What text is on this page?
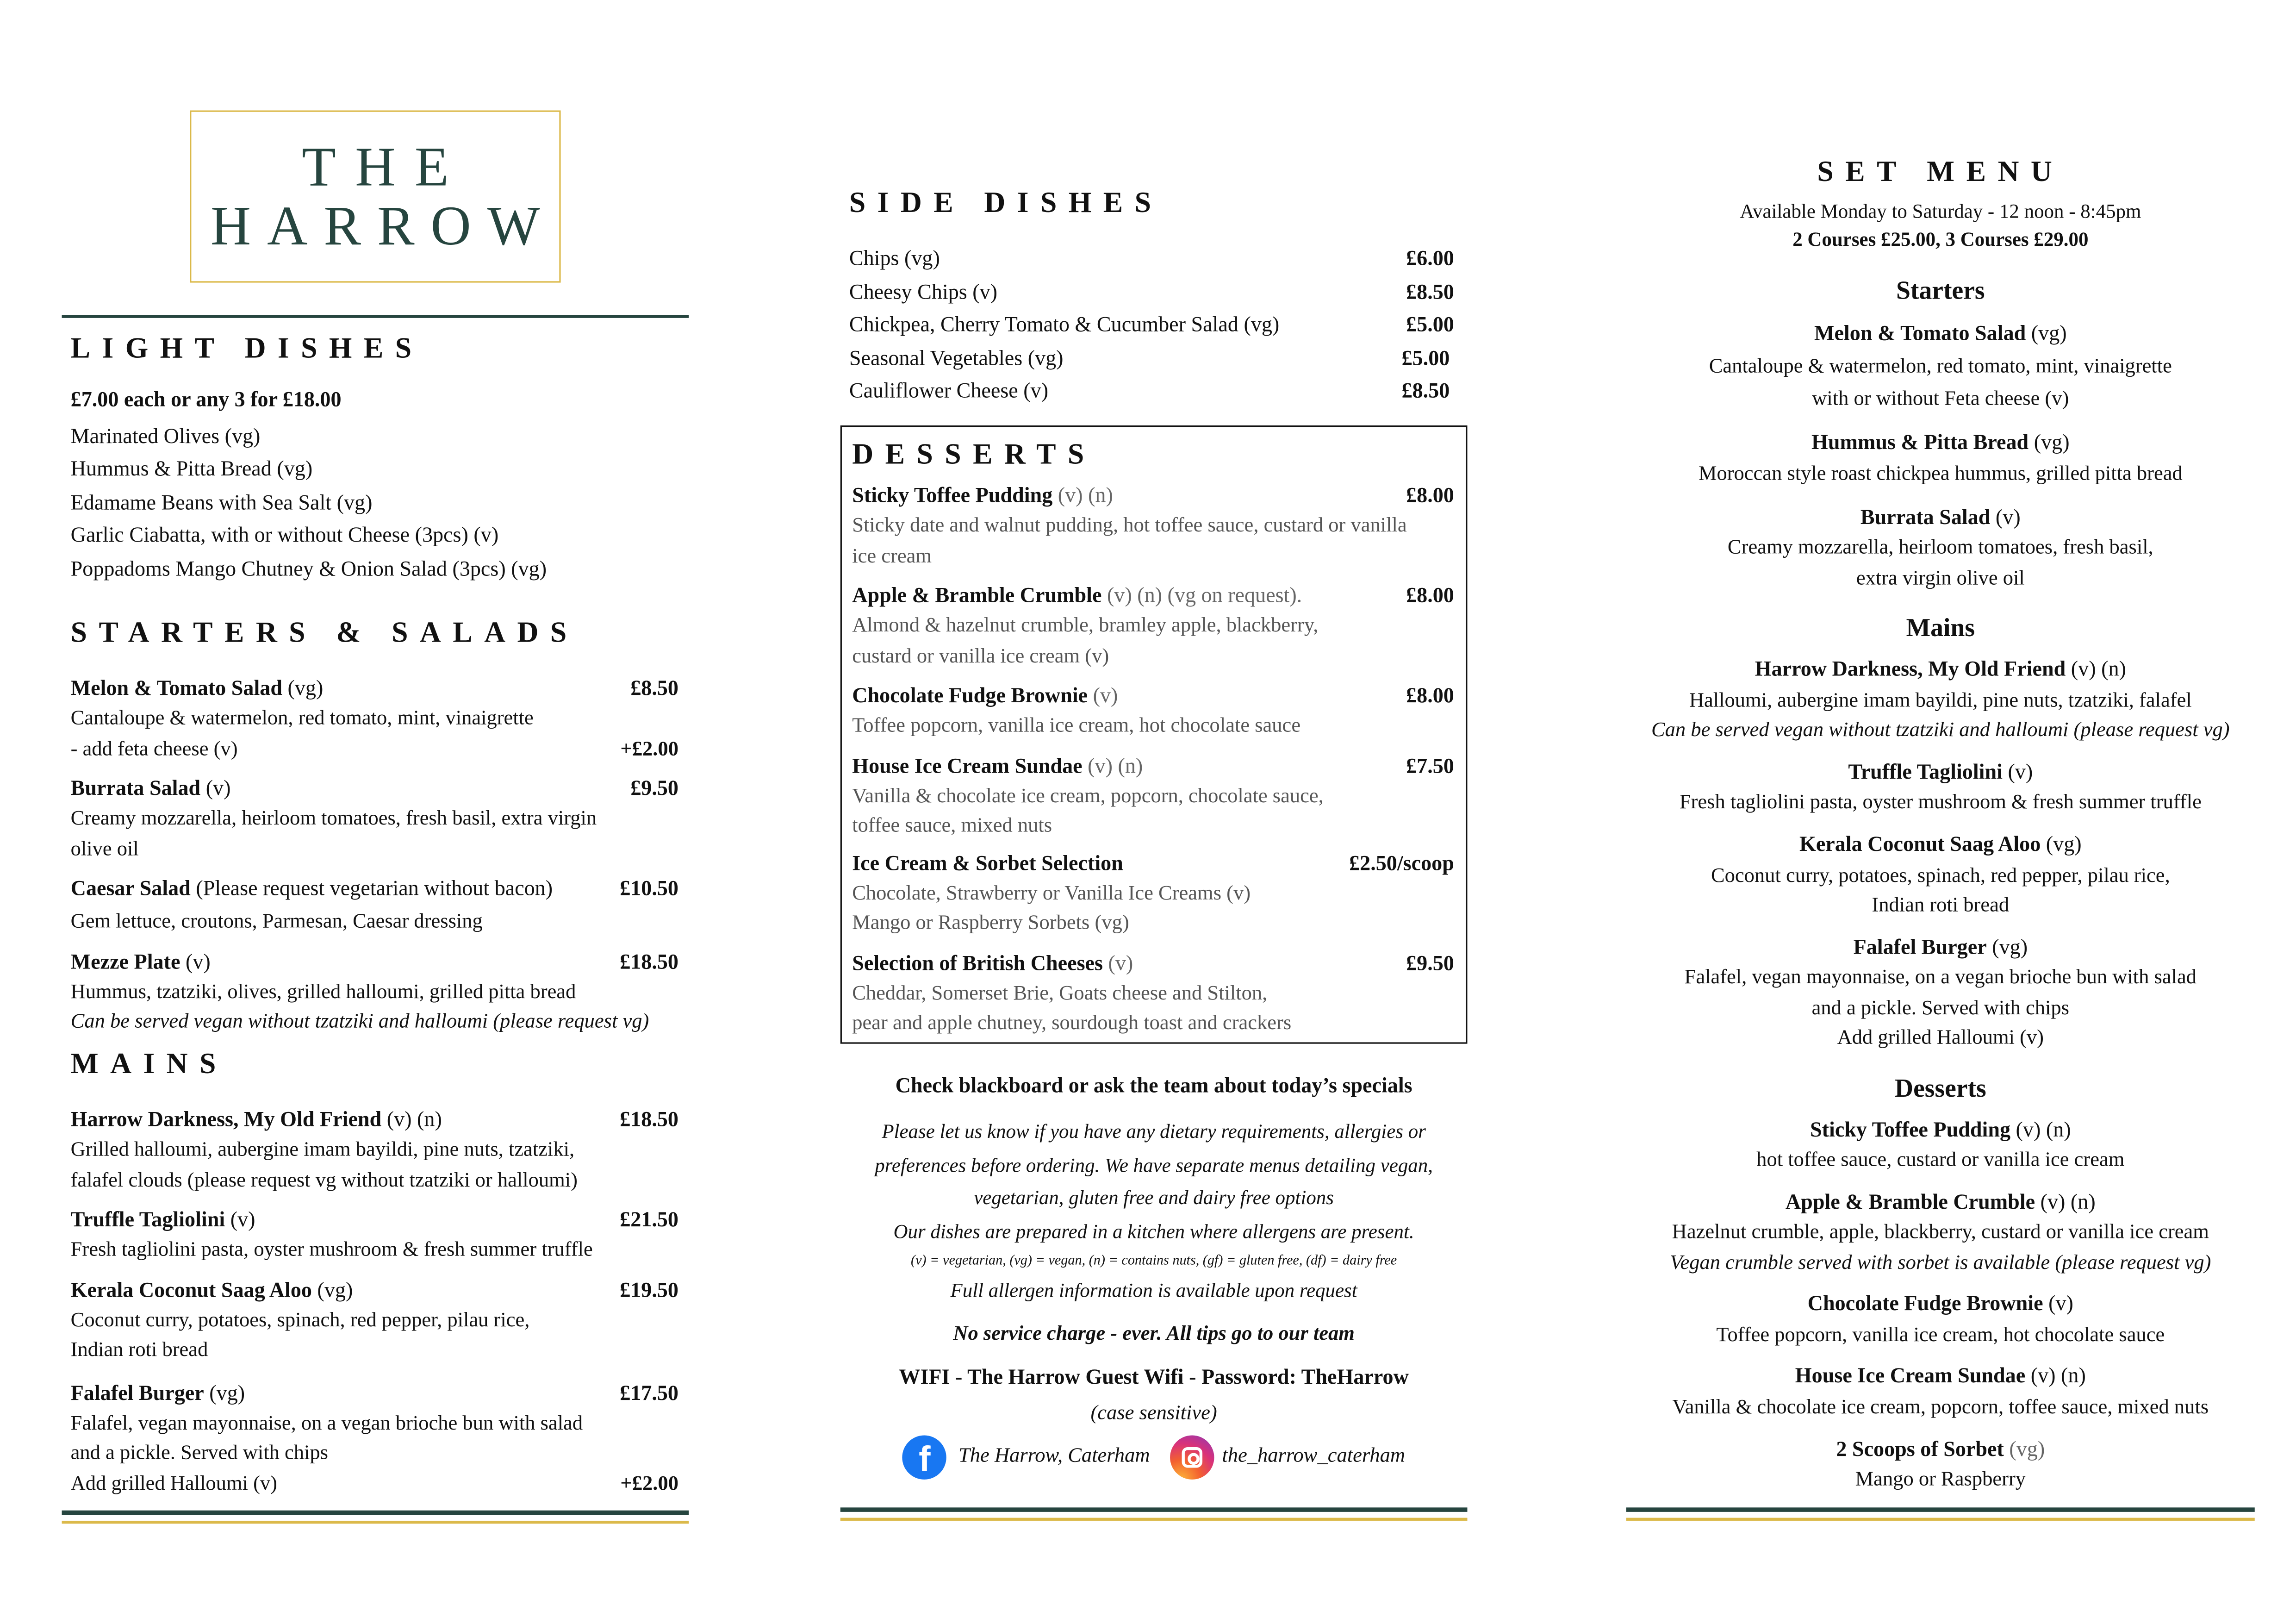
THE
HARROW
LIGHT DISHES
£7.00 each or any 3 for £18.00
Marinated Olives (vg)
Hummus & Pitta Bread (vg)
Edamame Beans with Sea Salt (vg)
Garlic Ciabatta, with or without Cheese (3pcs) (v)
Poppadoms Mango Chutney & Onion Salad (3pcs) (vg)
STARTERS & SALADS
Melon & Tomato Salad (vg)	£8.50
Cantaloupe & watermelon, red tomato, mint, vinaigrette
- add feta cheese (v)	+£2.00
Burrata Salad (v)	£9.50
Creamy mozzarella, heirloom tomatoes, fresh basil, extra virgin
olive oil
Caesar Salad (Please request vegetarian without bacon)	£10.50
Gem lettuce, croutons, Parmesan, Caesar dressing
Mezze Plate (v)	£18.50
Hummus, tzatziki, olives, grilled halloumi, grilled pitta bread
Can be served vegan without tzatziki and halloumi (please request vg)
MAINS
Harrow Darkness, My Old Friend (v) (n)	£18.50
Grilled halloumi, aubergine imam bayildi, pine nuts, tzatziki,
falafel clouds (please request vg without tzatziki or halloumi)
Truffle Tagliolini (v)	£21.50
Fresh tagliolini pasta, oyster mushroom & fresh summer truffle
Kerala Coconut Saag Aloo (vg)	£19.50
Coconut curry, potatoes, spinach, red pepper, pilau rice,
Indian roti bread
Falafel Burger (vg)	£17.50
Falafel, vegan mayonnaise, on a vegan brioche bun with salad
and a pickle. Served with chips
Add grilled Halloumi (v)	+£2.00
SIDE DISHES
Chips (vg)	£6.00
Cheesy Chips (v)	£8.50
Chickpea, Cherry Tomato & Cucumber Salad (vg)	£5.00
Seasonal Vegetables (vg)	£5.00
Cauliflower Cheese (v)	£8.50
DESSERTS
Sticky Toffee Pudding (v) (n)	£8.00
Sticky date and walnut pudding, hot toffee sauce, custard or vanilla
ice cream
Apple & Bramble Crumble (v) (n) (vg on request).	£8.00
Almond & hazelnut crumble, bramley apple, blackberry,
custard or vanilla ice cream (v)
Chocolate Fudge Brownie (v)	£8.00
Toffee popcorn, vanilla ice cream, hot chocolate sauce
House Ice Cream Sundae (v) (n)	£7.50
Vanilla & chocolate ice cream, popcorn, chocolate sauce,
toffee sauce, mixed nuts
Ice Cream & Sorbet Selection	£2.50/scoop
Chocolate, Strawberry or Vanilla Ice Creams (v)
Mango or Raspberry Sorbets (vg)
Selection of British Cheeses (v)	£9.50
Cheddar, Somerset Brie, Goats cheese and Stilton,
pear and apple chutney, sourdough toast and crackers
Check blackboard or ask the team about today’s specials
Please let us know if you have any dietary requirements, allergies or
preferences before ordering. We have separate menus detailing vegan,
vegetarian, gluten free and dairy free options
Our dishes are prepared in a kitchen where allergens are present.
(v) = vegetarian, (vg) = vegan, (n) = contains nuts, (gf) = gluten free, (df) = dairy free
Full allergen information is available upon request
No service charge - ever. All tips go to our team
WIFI - The Harrow Guest Wifi - Password: TheHarrow
(case sensitive)
f	The Harrow, Caterham	the_harrow_caterham
SET MENU
Available Monday to Saturday - 12 noon - 8:45pm
2 Courses £25.00, 3 Courses £29.00
Starters
Melon & Tomato Salad (vg)
Cantaloupe & watermelon, red tomato, mint, vinaigrette
with or without Feta cheese (v)
Hummus & Pitta Bread (vg)
Moroccan style roast chickpea hummus, grilled pitta bread
Burrata Salad (v)
Creamy mozzarella, heirloom tomatoes, fresh basil,
extra virgin olive oil
Mains
Harrow Darkness, My Old Friend (v) (n)
Halloumi, aubergine imam bayildi, pine nuts, tzatziki, falafel
Can be served vegan without tzatziki and halloumi (please request vg)
Truffle Tagliolini (v)
Fresh tagliolini pasta, oyster mushroom & fresh summer truffle
Kerala Coconut Saag Aloo (vg)
Coconut curry, potatoes, spinach, red pepper, pilau rice,
Indian roti bread
Falafel Burger (vg)
Falafel, vegan mayonnaise, on a vegan brioche bun with salad
and a pickle. Served with chips
Add grilled Halloumi (v)
Desserts
Sticky Toffee Pudding (v) (n)
hot toffee sauce, custard or vanilla ice cream
Apple & Bramble Crumble (v) (n)
Hazelnut crumble, apple, blackberry, custard or vanilla ice cream
Vegan crumble served with sorbet is available (please request vg)
Chocolate Fudge Brownie (v)
Toffee popcorn, vanilla ice cream, hot chocolate sauce
House Ice Cream Sundae (v) (n)
Vanilla & chocolate ice cream, popcorn, toffee sauce, mixed nuts
2 Scoops of Sorbet (vg)
Mango or Raspberry
